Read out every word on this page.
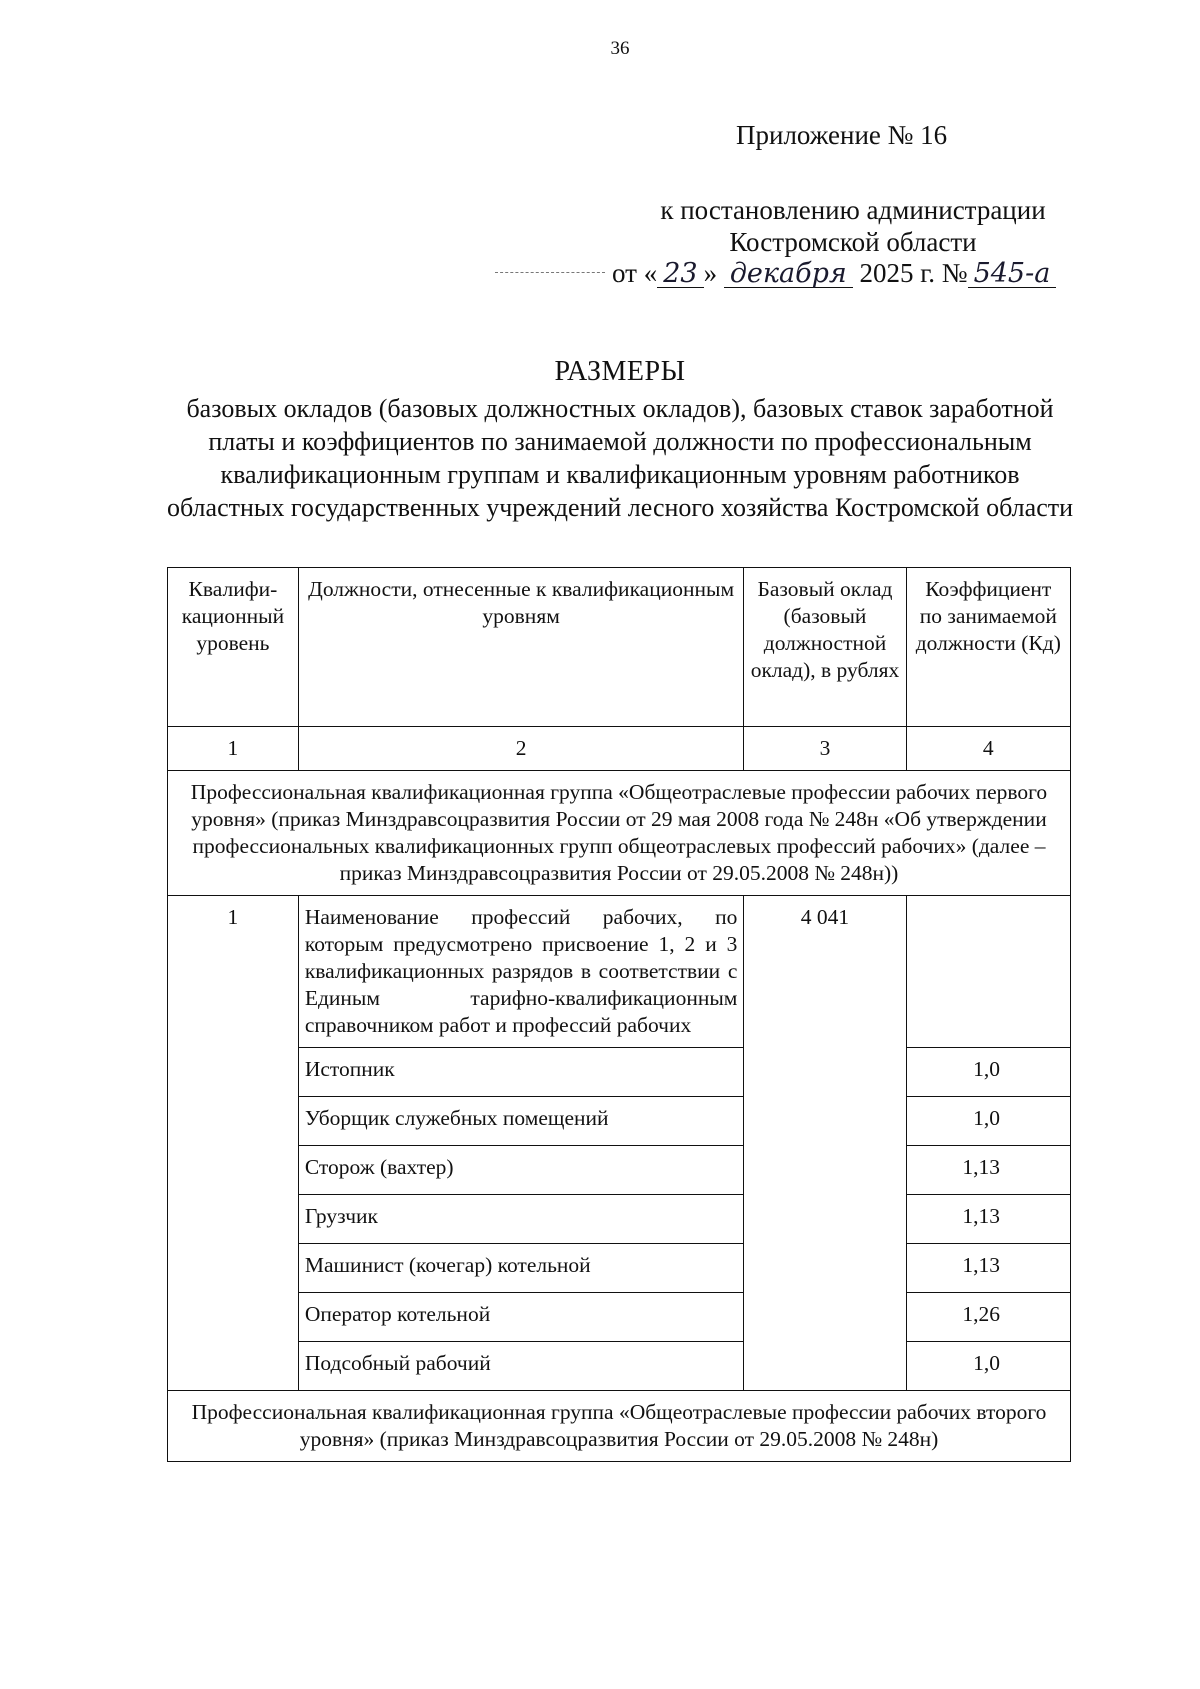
36
Приложение № 16
к постановлению администрации
Костромской области
от « 23 » декабря 2025 г. № 545-а
РАЗМЕРЫ
базовых окладов (базовых должностных окладов), базовых ставок заработной платы и коэффициентов по занимаемой должности по профессиональным квалификационным группам и квалификационным уровням работников областных государственных учреждений лесного хозяйства Костромской области
Квалифи-кационный уровень	Должности, отнесенные к квалификационным уровням	Базовый оклад (базовый должностной оклад), в рублях	Коэффициент по занимаемой должности (Кд)
1	2	3	4
Профессиональная квалификационная группа «Общеотраслевые профессии рабочих первого уровня» (приказ Минздравсоцразвития России от 29 мая 2008 года № 248н «Об утверждении профессиональных квалификационных групп общеотраслевых профессий рабочих» (далее – приказ Минздравсоцразвития России от 29.05.2008 № 248н))			
1	Наименование профессий рабочих, по которым предусмотрено присвоение 1, 2 и 3 квалификационных разрядов в соответствии с Единым тарифно-квалификационным справочником работ и профессий рабочих	4 041	
	Истопник		1,0
	Уборщик служебных помещений		1,0
	Сторож (вахтер)		1,13
	Грузчик		1,13
	Машинист (кочегар) котельной		1,13
	Оператор котельной		1,26
	Подсобный рабочий		1,0
Профессиональная квалификационная группа «Общеотраслевые профессии рабочих второго уровня» (приказ Минздравсоцразвития России от 29.05.2008 № 248н)			
